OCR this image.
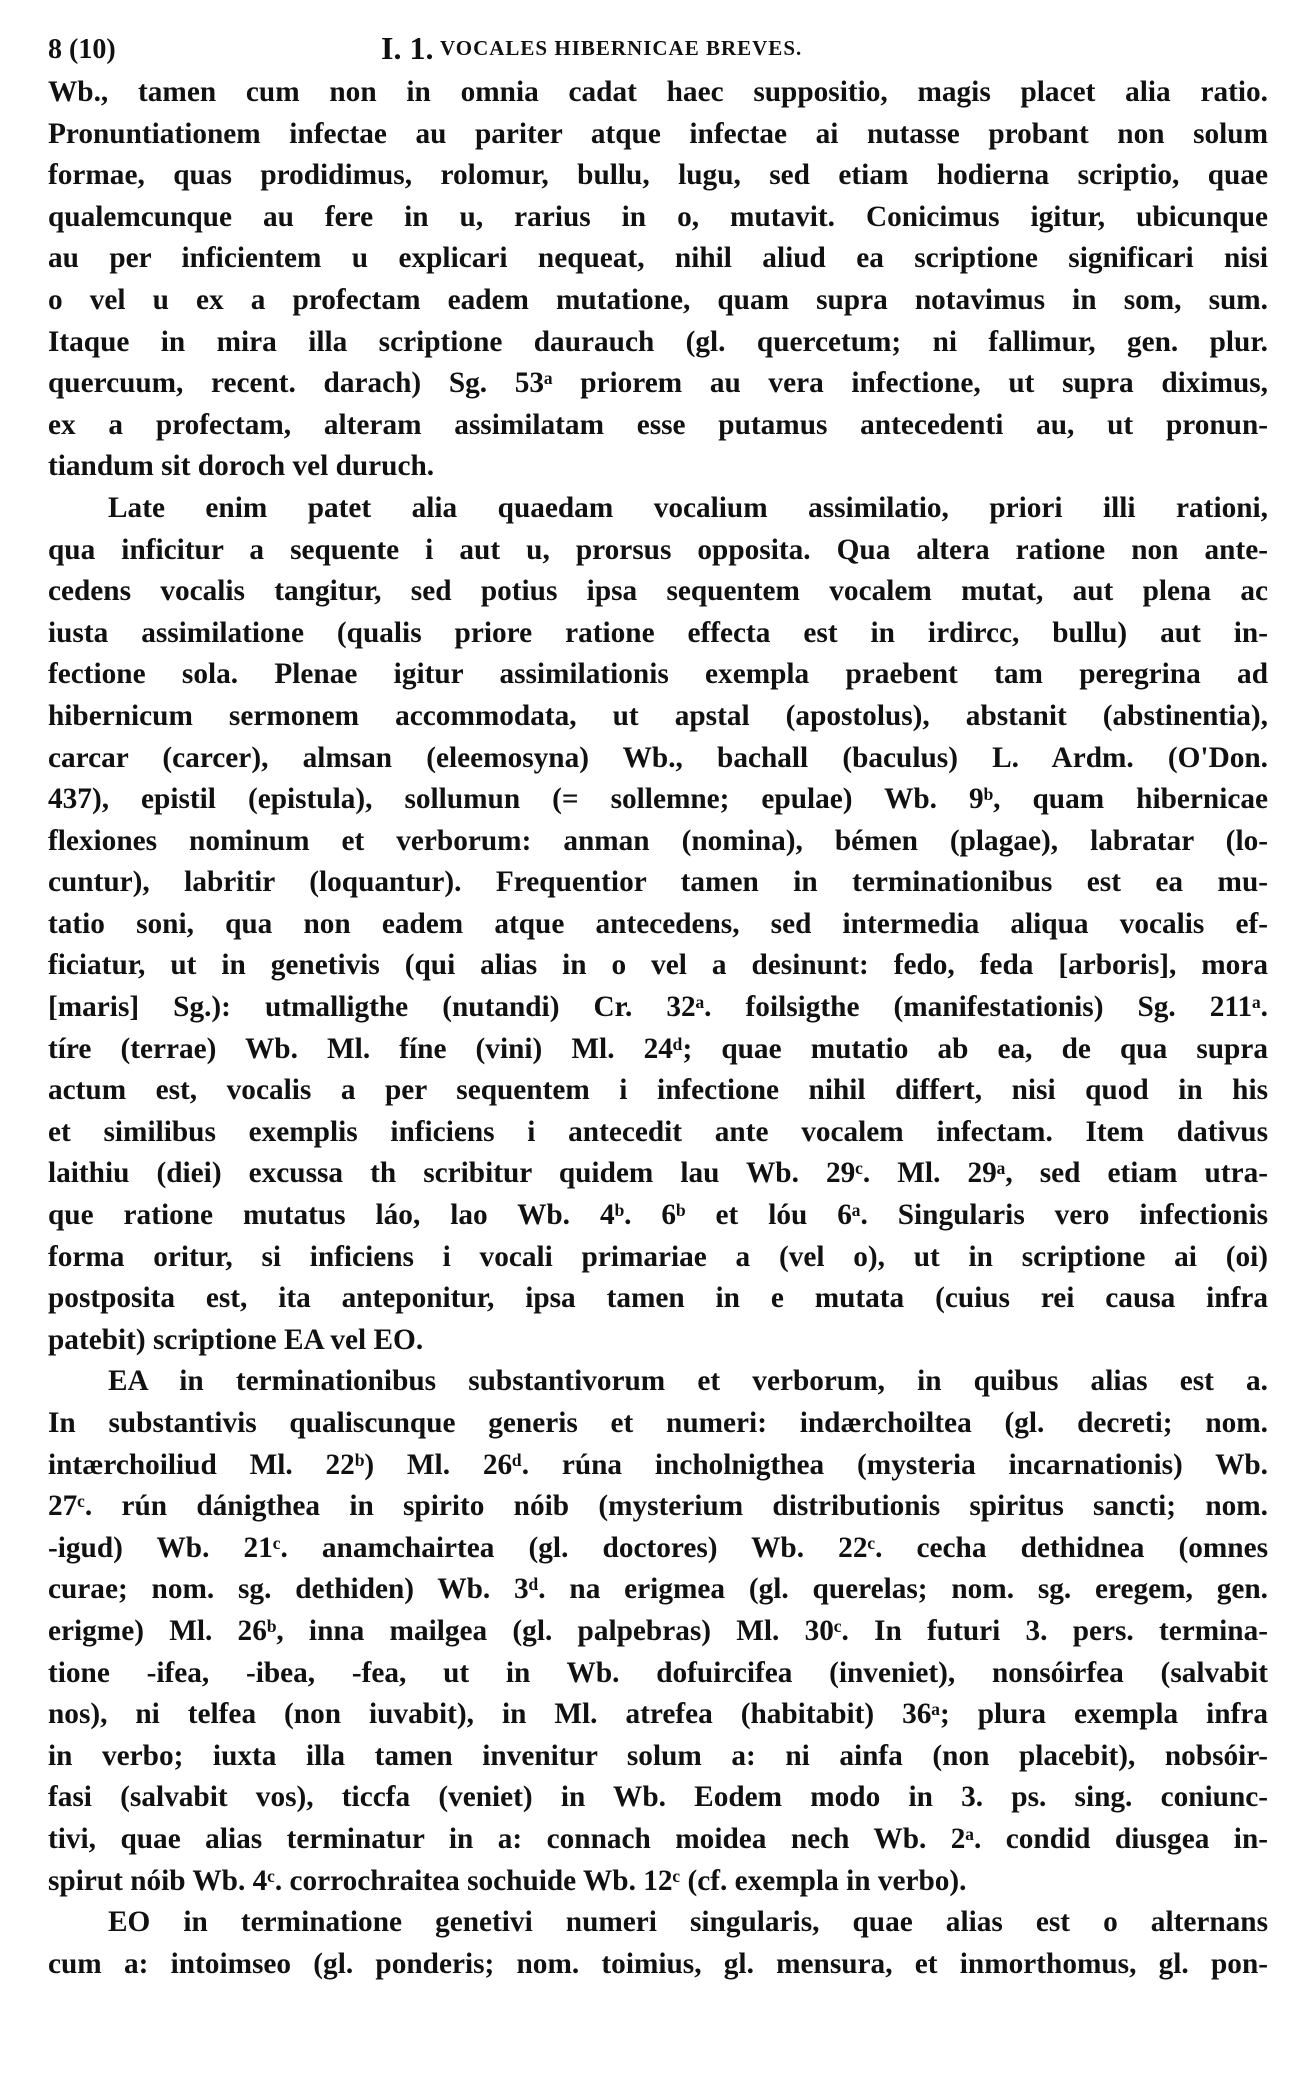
8 (10)	I. 1. VOCALES HIBERNICAE BREVES.
Wb., tamen cum non in omnia cadat haec suppositio, magis placet alia ratio.
Pronuntiationem infectae au pariter atque infectae ai nutasse probant non solum
formae, quas prodidimus, rolomur, bullu, lugu, sed etiam hodierna scriptio, quae
qualemcunque au fere in u, rarius in o, mutavit. Conicimus igitur, ubicunque
au per inficientem u explicari nequeat, nihil aliud ea scriptione significari nisi
o vel u ex a profectam eadem mutatione, quam supra notavimus in som, sum.
Itaque in mira illa scriptione daurauch (gl. quercetum; ni fallimur, gen. plur.
quercuum, recent. darach) Sg. 53ᵃ priorem au vera infectione, ut supra diximus,
ex a profectam, alteram assimilatam esse putamus antecedenti au, ut pronun-
tiandum sit doroch vel duruch.
Late enim patet alia quaedam vocalium assimilatio, priori illi rationi,
qua inficitur a sequente i aut u, prorsus opposita. Qua altera ratione non ante-
cedens vocalis tangitur, sed potius ipsa sequentem vocalem mutat, aut plena ac
iusta assimilatione (qualis priore ratione effecta est in irdircc, bullu) aut in-
fectione sola. Plenae igitur assimilationis exempla praebent tam peregrina ad
hibernicum sermonem accommodata, ut apstal (apostolus), abstanit (abstinentia),
carcar (carcer), almsan (eleemosyna) Wb., bachall (baculus) L. Ardm. (O'Don.
437), epistil (epistula), sollumun (= sollemne; epulae) Wb. 9ᵇ, quam hibernicae
flexiones nominum et verborum: anman (nomina), bémen (plagae), labratar (lo-
cuntur), labritir (loquantur). Frequentior tamen in terminationibus est ea mu-
tatio soni, qua non eadem atque antecedens, sed intermedia aliqua vocalis ef-
ficiatur, ut in genetivis (qui alias in o vel a desinunt: fedo, feda [arboris], mora
[maris] Sg.): utmalligthe (nutandi) Cr. 32ᵃ. foilsigthe (manifestationis) Sg. 211ᵃ.
tíre (terrae) Wb. Ml. fíne (vini) Ml. 24ᵈ; quae mutatio ab ea, de qua supra
actum est, vocalis a per sequentem i infectione nihil differt, nisi quod in his
et similibus exemplis inficiens i antecedit ante vocalem infectam. Item dativus
laithiu (diei) excussa th scribitur quidem lau Wb. 29ᶜ. Ml. 29ᵃ, sed etiam utra-
que ratione mutatus láo, lao Wb. 4ᵇ. 6ᵇ et lóu 6ᵃ. Singularis vero infectionis
forma oritur, si inficiens i vocali primariae a (vel o), ut in scriptione ai (oi)
postposita est, ita anteponitur, ipsa tamen in e mutata (cuius rei causa infra
patebit) scriptione EA vel EO.
EA in terminationibus substantivorum et verborum, in quibus alias est a.
In substantivis qualiscunque generis et numeri: indærchoiltea (gl. decreti; nom.
intærchoiliud Ml. 22ᵇ) Ml. 26ᵈ. rúna incholnigthea (mysteria incarnationis) Wb.
27ᶜ. rún dánigthea in spirito nóib (mysterium distributionis spiritus sancti; nom.
-igud) Wb. 21ᶜ. anamchairtea (gl. doctores) Wb. 22ᶜ. cecha dethidnea (omnes
curae; nom. sg. dethiden) Wb. 3ᵈ. na erigmea (gl. querelas; nom. sg. eregem, gen.
erigme) Ml. 26ᵇ, inna mailgea (gl. palpebras) Ml. 30ᶜ. In futuri 3. pers. termina-
tione -ifea, -ibea, -fea, ut in Wb. dofuircifea (inveniet), nonsóirfea (salvabit
nos), ni telfea (non iuvabit), in Ml. atrefea (habitabit) 36ᵃ; plura exempla infra
in verbo; iuxta illa tamen invenitur solum a: ni ainfa (non placebit), nobsóir-
fasi (salvabit vos), ticcfa (veniet) in Wb. Eodem modo in 3. ps. sing. coniunc-
tivi, quae alias terminatur in a: connach moidea nech Wb. 2ᵃ. condid diusgea in-
spirut nóib Wb. 4ᶜ. corrochraitea sochuide Wb. 12ᶜ (cf. exempla in verbo).
EO in terminatione genetivi numeri singularis, quae alias est o alternans
cum a: intoimseo (gl. ponderis; nom. toimius, gl. mensura, et inmorthomus, gl. pon-
